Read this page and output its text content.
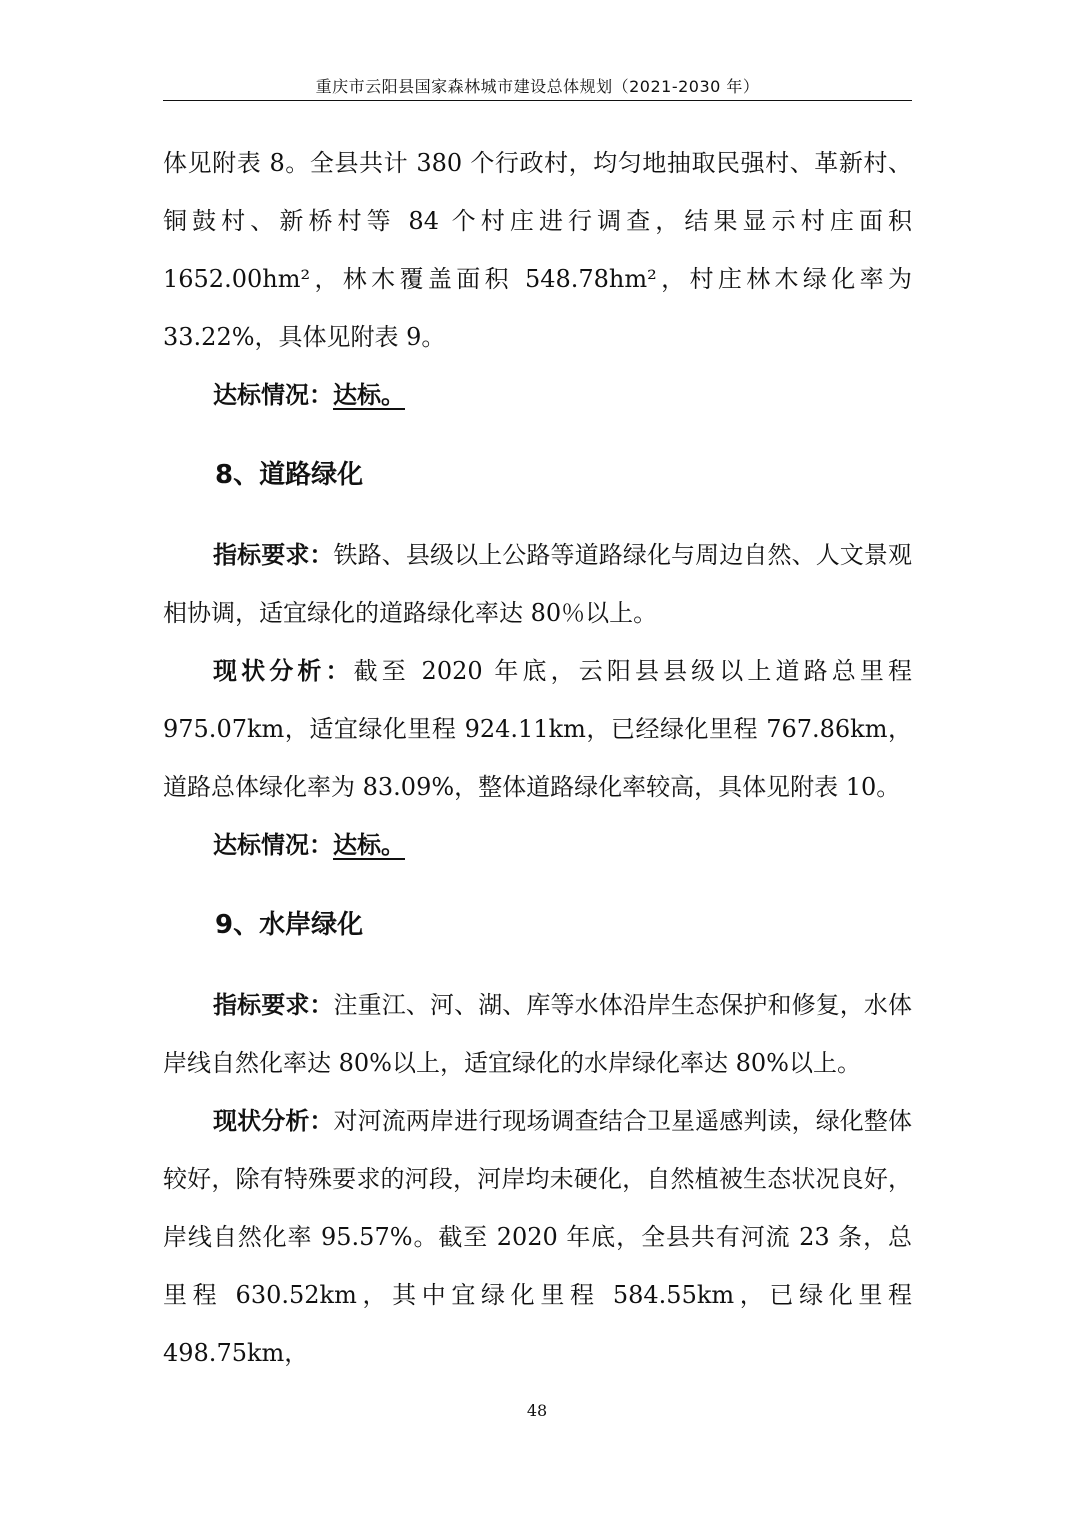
重庆市云阳县国家森林城市建设总体规划（2021-2030 年）

体见附表 8。全县共计 380 个行政村，均匀地抽取民强村、革新村、铜鼓村、新桥村等 84 个村庄进行调查，结果显示村庄面积 1652.00hm²，林木覆盖面积 548.78hm²，村庄林木绿化率为 33.22%，具体见附表 9。

达标情况：达标。

8、道路绿化

指标要求：铁路、县级以上公路等道路绿化与周边自然、人文景观相协调，适宜绿化的道路绿化率达 80％以上。

现状分析：截至 2020 年底，云阳县县级以上道路总里程 975.07km，适宜绿化里程 924.11km，已经绿化里程 767.86km，道路总体绿化率为 83.09%，整体道路绿化率较高，具体见附表 10。

达标情况：达标。

9、水岸绿化

指标要求：注重江、河、湖、库等水体沿岸生态保护和修复，水体岸线自然化率达 80%以上，适宜绿化的水岸绿化率达 80%以上。

现状分析：对河流两岸进行现场调查结合卫星遥感判读，绿化整体较好，除有特殊要求的河段，河岸均未硬化，自然植被生态状况良好，岸线自然化率 95.57%。截至 2020 年底，全县共有河流 23 条，总里程 630.52km，其中宜绿化里程 584.55km，已绿化里程 498.75km，

48
